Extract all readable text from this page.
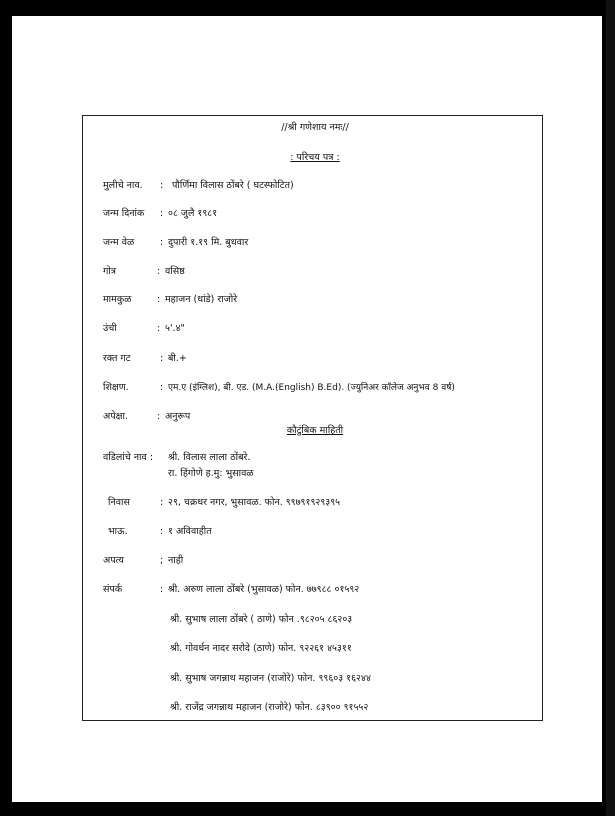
//श्री गणेशाय नमः//
: परिचय पत्र :
मुलीचे नाव. : पौर्णिमा विलास ठोंबरे ( घटस्फोटित)
जन्म दिनांक : ०८ जुलै १९८१
जन्म वेळ	: दुपारी १.१९ मि. बुधवार
गोत्र	: वसिष्ठ
मामकुळ	: महाजन (धांडे) राजोरे
उंची	: ५'.४"
रक्त गट	: बी.+
शिक्षण.	: एम.ए (इंग्लिश), बी. एड. (M.A.(English) B.Ed). (ज्युनिअर कॉलेज अनुभव 8 वर्ष)
अपेक्षा.	: अनुरूप
कौटुंबिक माहिती
वडिलांचे नाव : श्री. विलास लाला ठोंबरे.
रा. हिंगोणे ह.मु: भुसावळ
निवास	: २९, चक्रधर नगर, भुसावळ. फोन. ९९७९१९२९३९५
भाऊ.	: १ अविवाहीत
अपत्य	; नाही
संपर्क	: श्री. अरुण लाला ठोंबरे (भुसावळ) फोन. ७७९८८ ०१५९२
श्री. सुभाष लाला ठोंबरे ( ठाणे) फोन .९८२०५ ८६२०३
श्री. गोवर्धन नादर सरोदे (ठाणे) फोन. ९२२६१ ४५३११
श्री. सुभाष जगन्नाथ महाजन (राजोरे) फोन. ९९६०३ १६२४४
श्री. राजेंद्र जगन्नाथ महाजन (राजोरे) फोन. ८३९०० ९१५५२
